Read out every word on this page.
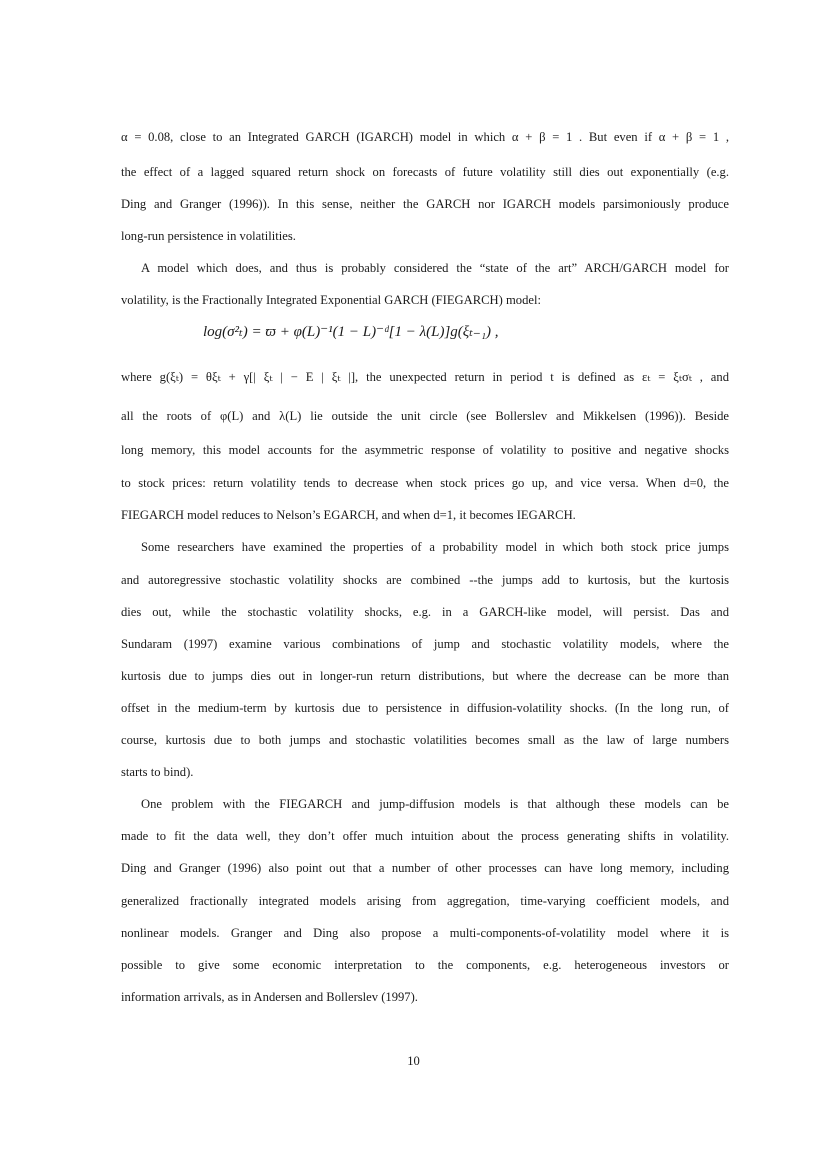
α = 0.08, close to an Integrated GARCH (IGARCH) model in which α + β = 1 . But even if α + β = 1 ,
the effect of a lagged squared return shock on forecasts of future volatility still dies out exponentially (e.g.
Ding and Granger (1996)). In this sense, neither the GARCH nor IGARCH models parsimoniously produce
long-run persistence in volatilities.
A model which does, and thus is probably considered the “state of the art” ARCH/GARCH model for
volatility, is the Fractionally Integrated Exponential GARCH (FIEGARCH) model:
log(σ²ₜ) = ϖ + φ(L)⁻¹(1 − L)⁻ᵈ[1 − λ(L)]g(ξₜ₋₁) ,
where g(ξₜ) = θξₜ + γ[| ξₜ | − E | ξₜ |], the unexpected return in period t is defined as εₜ = ξₜσₜ , and
all the roots of φ(L) and λ(L) lie outside the unit circle (see Bollerslev and Mikkelsen (1996)). Beside
long memory, this model accounts for the asymmetric response of volatility to positive and negative shocks
to stock prices: return volatility tends to decrease when stock prices go up, and vice versa. When d=0, the
FIEGARCH model reduces to Nelson’s EGARCH, and when d=1, it becomes IEGARCH.
Some researchers have examined the properties of a probability model in which both stock price jumps
and autoregressive stochastic volatility shocks are combined --the jumps add to kurtosis, but the kurtosis
dies out, while the stochastic volatility shocks, e.g. in a GARCH-like model, will persist. Das and
Sundaram (1997) examine various combinations of jump and stochastic volatility models, where the
kurtosis due to jumps dies out in longer-run return distributions, but where the decrease can be more than
offset in the medium-term by kurtosis due to persistence in diffusion-volatility shocks. (In the long run, of
course, kurtosis due to both jumps and stochastic volatilities becomes small as the law of large numbers
starts to bind).
One problem with the FIEGARCH and jump-diffusion models is that although these models can be
made to fit the data well, they don’t offer much intuition about the process generating shifts in volatility.
Ding and Granger (1996) also point out that a number of other processes can have long memory, including
generalized fractionally integrated models arising from aggregation, time-varying coefficient models, and
nonlinear models. Granger and Ding also propose a multi-components-of-volatility model where it is
possible to give some economic interpretation to the components, e.g. heterogeneous investors or
information arrivals, as in Andersen and Bollerslev (1997).
10
